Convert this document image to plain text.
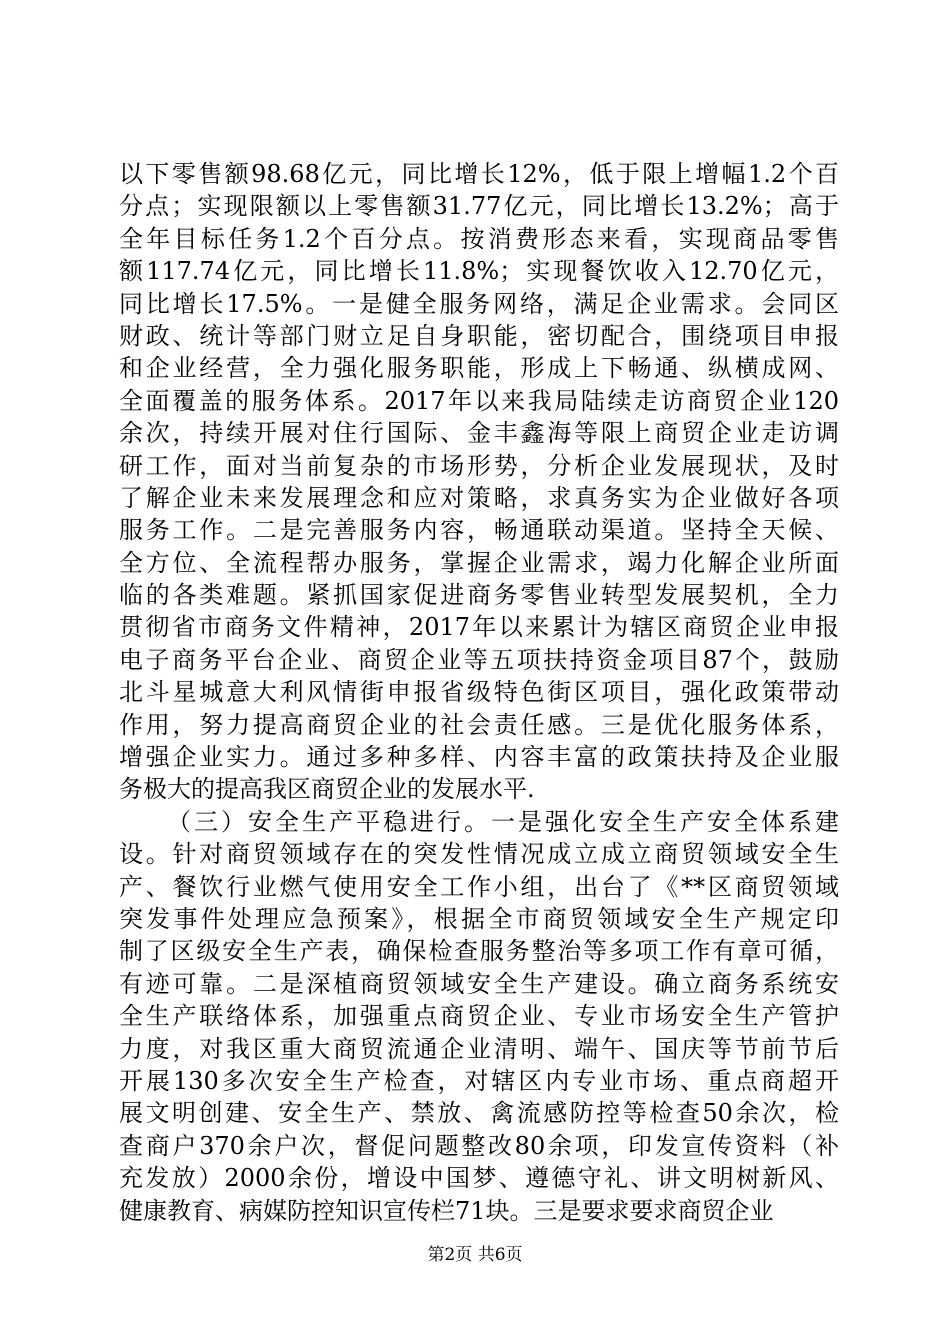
以下零售额98.68亿元，同比增长12%，低于限上增幅1.2个百
分点；实现限额以上零售额31.77亿元，同比增长13.2%；高于
全年目标任务1.2个百分点。按消费形态来看，实现商品零售
额117.74亿元，同比增长11.8%；实现餐饮收入12.70亿元，
同比增长17.5%。一是健全服务网络，满足企业需求。会同区
财政、统计等部门财立足自身职能，密切配合，围绕项目申报
和企业经营，全力强化服务职能，形成上下畅通、纵横成网、
全面覆盖的服务体系。2017年以来我局陆续走访商贸企业120
余次，持续开展对住行国际、金丰鑫海等限上商贸企业走访调
研工作，面对当前复杂的市场形势，分析企业发展现状，及时
了解企业未来发展理念和应对策略，求真务实为企业做好各项
服务工作。二是完善服务内容，畅通联动渠道。坚持全天候、
全方位、全流程帮办服务，掌握企业需求，竭力化解企业所面
临的各类难题。紧抓国家促进商务零售业转型发展契机，全力
贯彻省市商务文件精神，2017年以来累计为辖区商贸企业申报
电子商务平台企业、商贸企业等五项扶持资金项目87个，鼓励
北斗星城意大利风情街申报省级特色街区项目，强化政策带动
作用，努力提高商贸企业的社会责任感。三是优化服务体系，
增强企业实力。通过多种多样、内容丰富的政策扶持及企业服
务极大的提高我区商贸企业的发展水平.
（三）安全生产平稳进行。一是强化安全生产安全体系建
设。针对商贸领域存在的突发性情况成立成立商贸领域安全生
产、餐饮行业燃气使用安全工作小组，出台了《**区商贸领域
突发事件处理应急预案》，根据全市商贸领域安全生产规定印
制了区级安全生产表，确保检查服务整治等多项工作有章可循，
有迹可靠。二是深植商贸领域安全生产建设。确立商务系统安
全生产联络体系，加强重点商贸企业、专业市场安全生产管护
力度，对我区重大商贸流通企业清明、端午、国庆等节前节后
开展130多次安全生产检查，对辖区内专业市场、重点商超开
展文明创建、安全生产、禁放、禽流感防控等检查50余次，检
查商户370余户次，督促问题整改80余项，印发宣传资料（补
充发放）2000余份，增设中国梦、遵德守礼、讲文明树新风、
健康教育、病媒防控知识宣传栏71块。三是要求要求商贸企业
第2页 共6页
